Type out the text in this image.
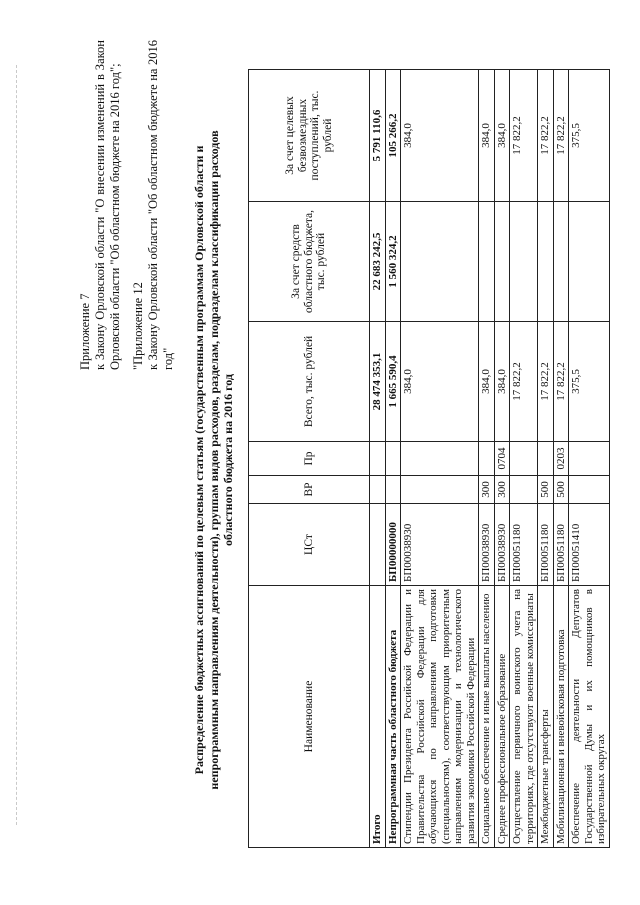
Приложение 7 к Закону Орловской области "О внесении изменений в Закон Орловской области "Об областном бюджете на 2016 год"; "Приложение 12 к Закону Орловской области "Об областном бюджете на 2016 год" Распределение бюджетных ассигнований по целевым статьям (государственным программам Орловской области и непрограммным направлениям деятельности), группам видов расходов, разделам, подразделам классификации расходов областного бюджета на 2016 год
Наименование	ЦСт	ВР	Пр	Всего, тыс. рублей	За счет средств областного бюджета, тыс. рублей	За счет целевых безвозмездных поступлений, тыс. рублей
Итого				28 474 353,1	22 683 242,5	5 791 110,6
Непрограммная часть областного бюджета	БП00000000			1 665 590,4	1 560 324,2	105 266,2
Стипендии Президента Российской Федерации и Правительства Российской Федерации для обучающихся по направлениям подготовки (специальностям), соответствующим приоритетным направлениям модернизации и технологического развития экономики Российской Федерации	БП00038930			384,0		384,0
Социальное обеспечение и иные выплаты населению	БП00038930	300		384,0		384,0
Среднее профессиональное образование	БП00038930	300	0704	384,0		384,0
Осуществление первичного воинского учета на территориях, где отсутствуют военные комиссариаты	БП00051180			17 822,2		17 822,2
Межбюджетные трансферты	БП00051180	500		17 822,2		17 822,2
Мобилизационная и вневойсковая подготовка	БП00051180	500	0203	17 822,2		17 822,2
Обеспечение деятельности Депутатов Государственной Думы и их помощников в избирательных округах	БП00051410			375,5		375,5
